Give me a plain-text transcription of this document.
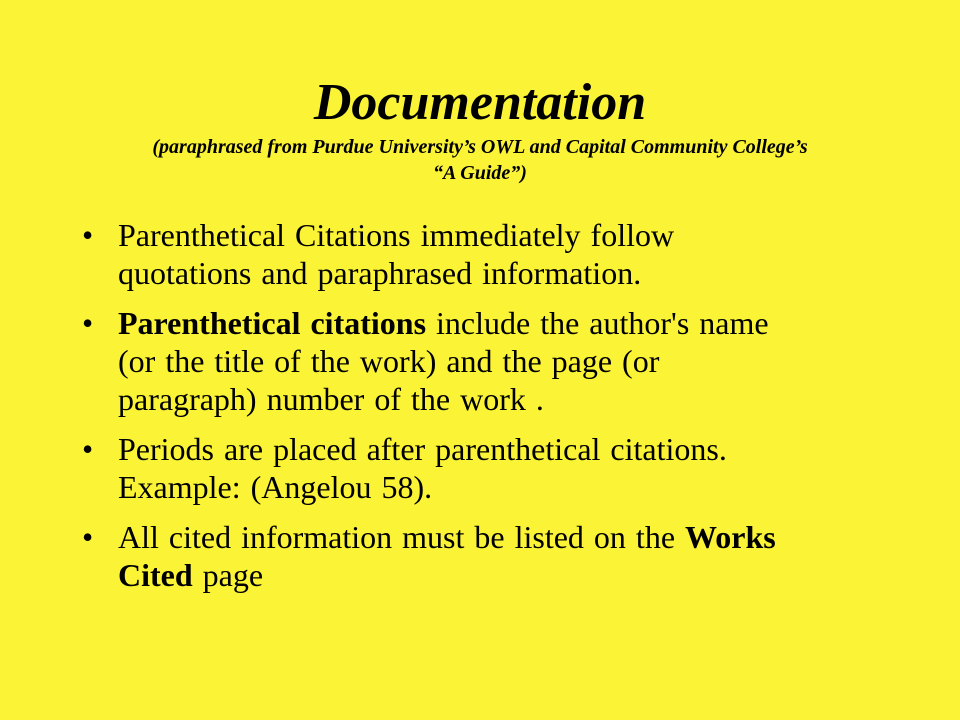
Documentation

(paraphrased from Purdue University’s OWL and Capital Community College’s
“A Guide”)

• Parenthetical Citations immediately follow
quotations and paraphrased information.
• Parenthetical citations include the author's name
(or the title of the work) and the page (or
paragraph) number of the work .
• Periods are placed after parenthetical citations.
Example: (Angelou 58).
• All cited information must be listed on the Works
Cited page
